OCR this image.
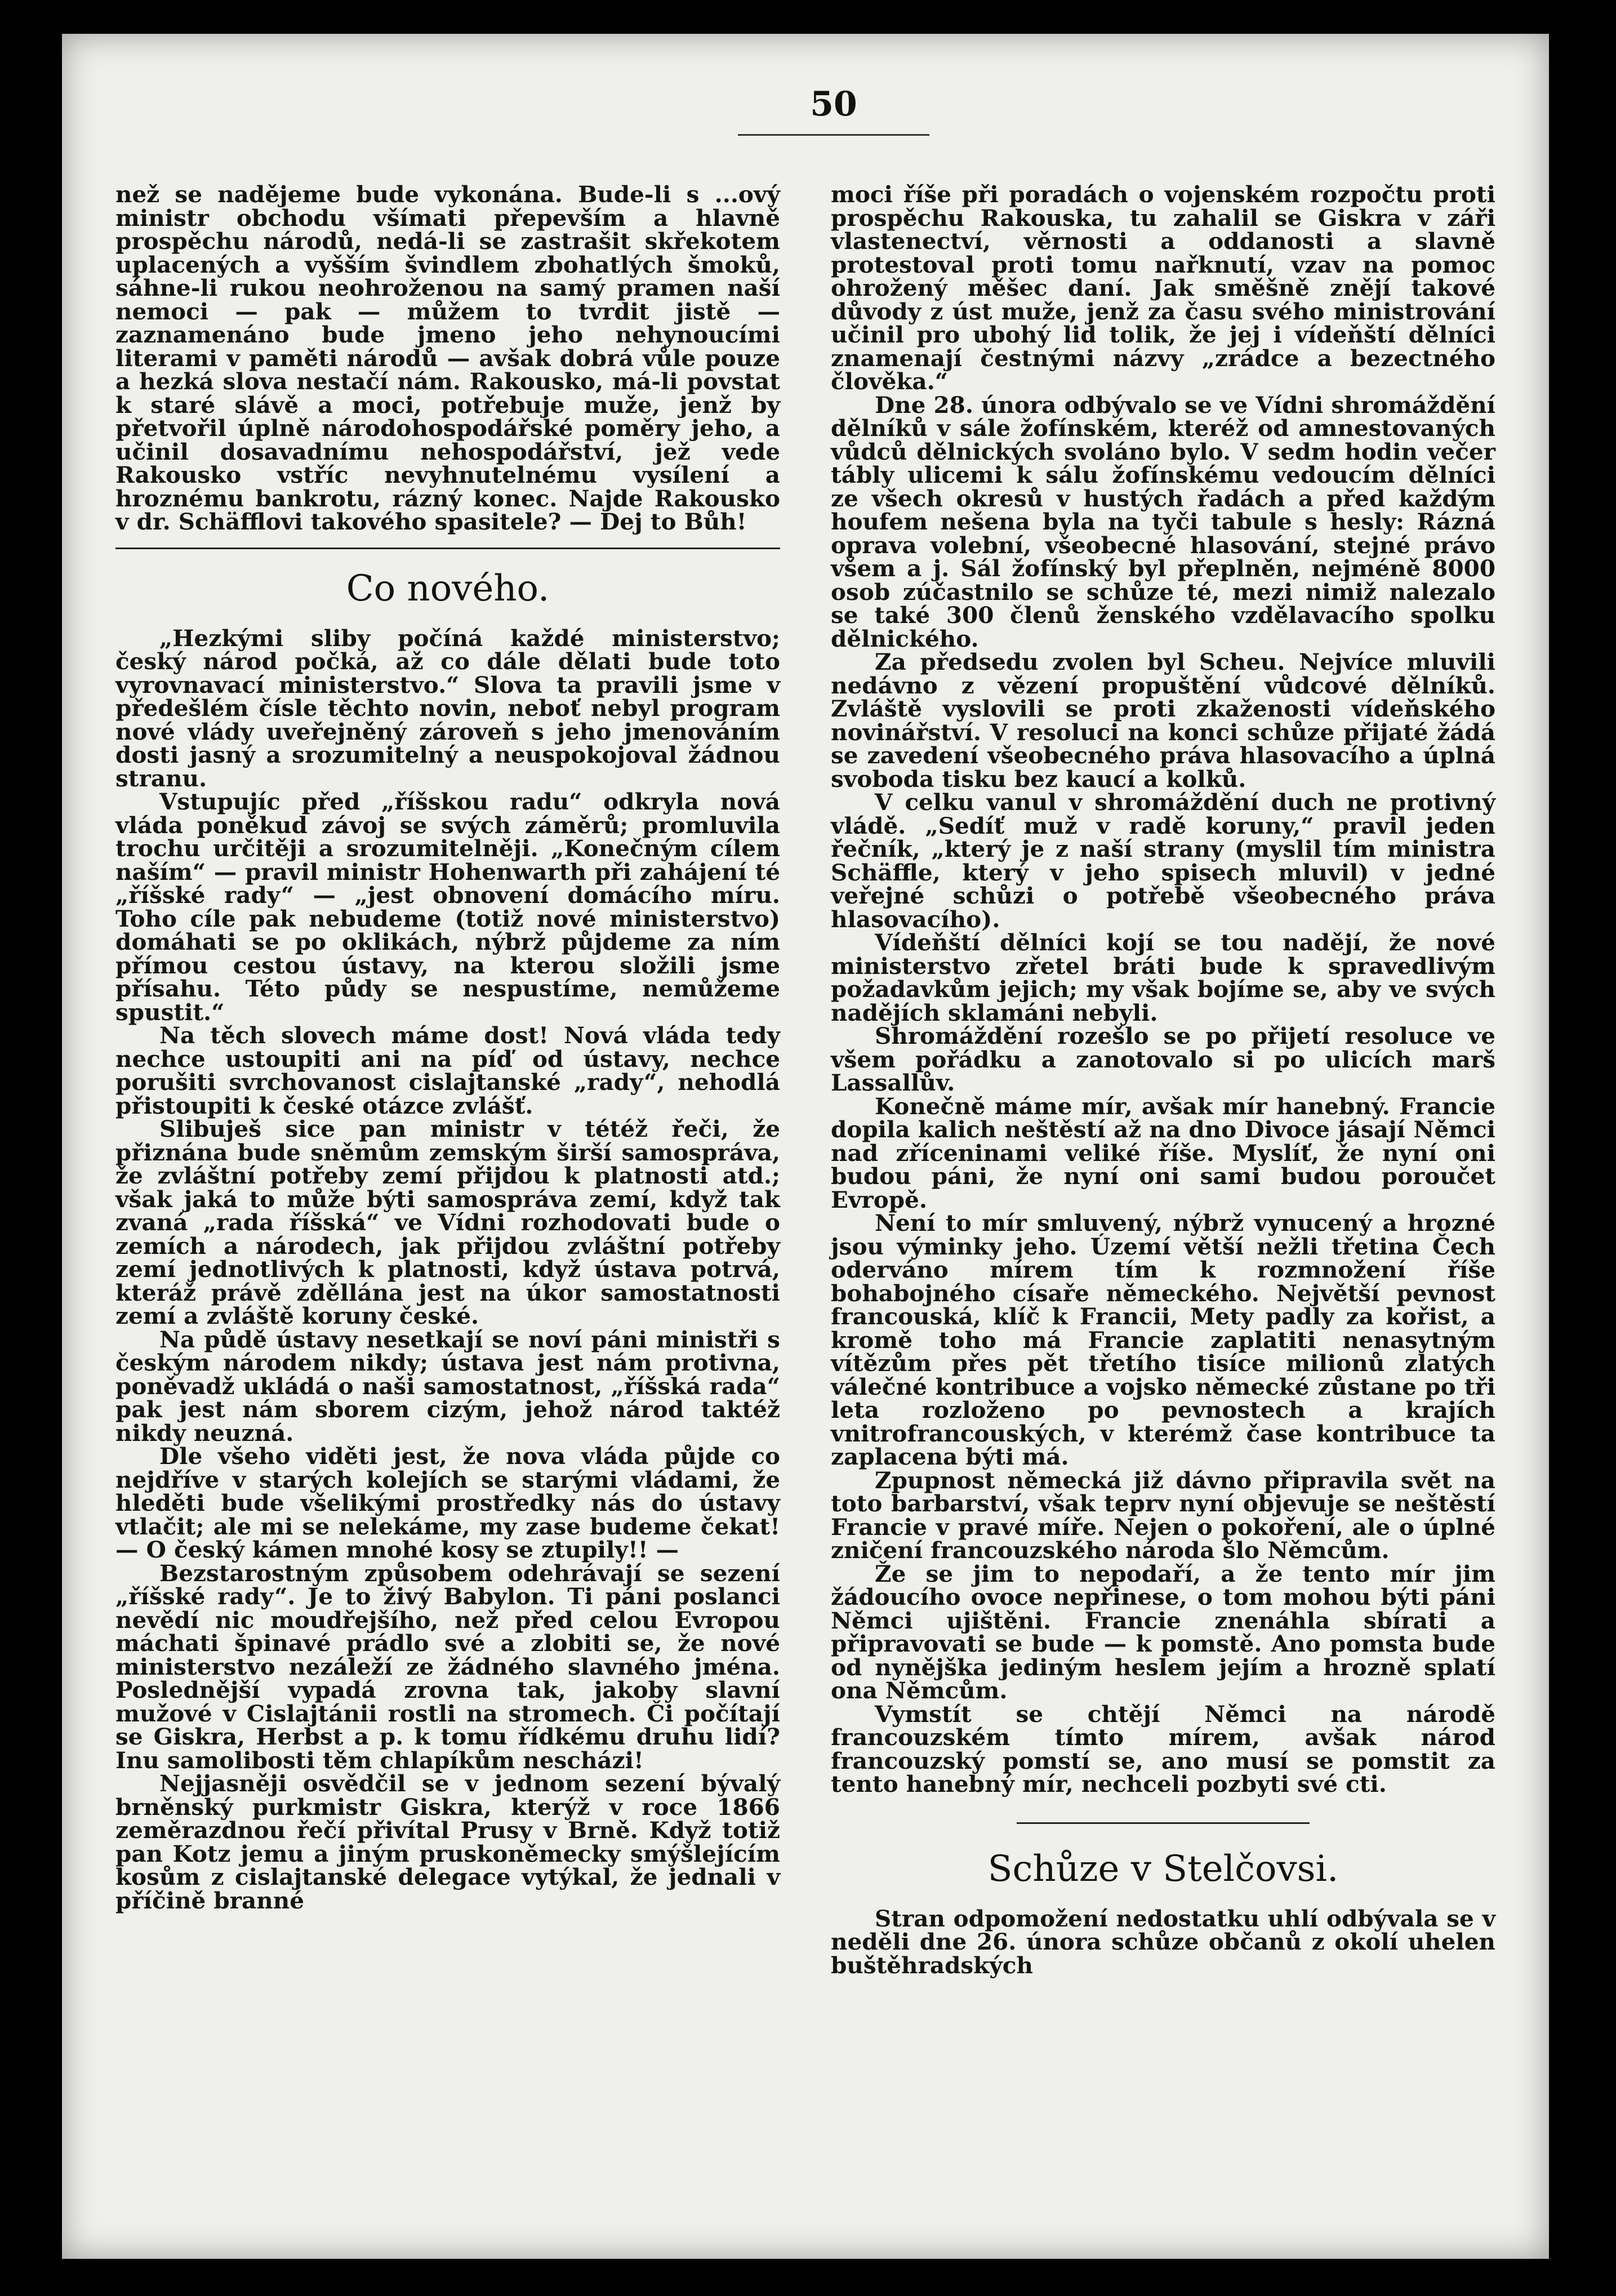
50

než se nadějeme bude vykonána. Bude-li s ...ový ministr obchodu všímati přepevším a hlavně prospěchu národů, nedá-li se zastrašit skřekotem uplacených a vyšším švindlem zbohatlých šmoků, sáhne-li rukou neohroženou na samý pramen naší nemoci — pak — můžem to tvrdit jistě — zaznamenáno bude jmeno jeho nehynoucími literami v paměti národů — avšak dobrá vůle pouze a hezká slova nestačí nám. Rakousko, má-li povstat k staré slávě a moci, potřebuje muže, jenž by přetvořil úplně národohospodářské poměry jeho, a učinil dosavadnímu nehospodářství, jež vede Rakousko vstříc nevyhnutelnému vysílení a hroznému bankrotu, rázný konec. Najde Rakousko v dr. Schäfflovi takového spasitele? — Dej to Bůh!

Co nového.

„Hezkými sliby počíná každé ministerstvo; český národ počká, až co dále dělati bude toto vyrovnavací ministerstvo.“ Slova ta pravili jsme v předešlém čísle těchto novin, neboť nebyl program nové vlády uveřejněný zároveň s jeho jmenováním dosti jasný a srozumitelný a neuspokojoval žádnou stranu.

Vstupujíc před „říšskou radu“ odkryla nová vláda poněkud závoj se svých záměrů; promluvila trochu určitěji a srozumitelněji. „Konečným cílem naším“ — pravil ministr Hohenwarth při zahájení té „říšské rady“ — „jest obnovení domácího míru. Toho cíle pak nebudeme (totiž nové ministerstvo) domáhati se po oklikách, nýbrž půjdeme za ním přímou cestou ústavy, na kterou složili jsme přísahu. Této půdy se nespustíme, nemůžeme spustit.“

Na těch slovech máme dost! Nová vláda tedy nechce ustoupiti ani na píď od ústavy, nechce porušiti svrchovanost cislajtanské „rady“, nehodlá přistoupiti k české otázce zvlášť.

Slibuješ sice pan ministr v tétéž řeči, že přiznána bude sněmům zemským širší samospráva, že zvláštní potřeby zemí přijdou k platnosti atd.; však jaká to může býti samospráva zemí, když tak zvaná „rada říšská“ ve Vídni rozhodovati bude o zemích a národech, jak přijdou zvláštní potřeby zemí jednotlivých k platnosti, když ústava potrvá, kteráž právě zděllána jest na úkor samostatnosti zemí a zvláště koruny české.

Na půdě ústavy nesetkají se noví páni ministři s českým národem nikdy; ústava jest nám protivna, poněvadž ukládá o naši samostatnost, „říšská rada“ pak jest nám sborem cizým, jehož národ taktéž nikdy neuzná.

Dle všeho viděti jest, že nova vláda půjde co nejdříve v starých kolejích se starými vládami, že hleděti bude všelikými prostředky nás do ústavy vtlačit; ale mi se nelekáme, my zase budeme čekat! — O český kámen mnohé kosy se ztupily!! —

Bezstarostným způsobem odehrávají se sezení „říšské rady“. Je to živý Babylon. Ti páni poslanci nevědí nic moudřejšího, než před celou Evropou máchati špinavé prádlo své a zlobiti se, že nové ministerstvo nezáleží ze žádného slavného jména. Poslednější vypadá zrovna tak, jakoby slavní mužové v Cislajtánii rostli na stromech. Či počítají se Giskra, Herbst a p. k tomu řídkému druhu lidí? Inu samolibosti těm chlapíkům nescházi!

Nejjasněji osvědčil se v jednom sezení bývalý brněnský purkmistr Giskra, kterýž v roce 1866 zeměrazdnou řečí přivítal Prusy v Brně. Když totiž pan Kotz jemu a jiným pruskoněmecky smýšlejícím kosům z cislajtanské delegace vytýkal, že jednali v příčině branné

moci říše při poradách o vojenském rozpočtu proti prospěchu Rakouska, tu zahalil se Giskra v záři vlastenectví, věrnosti a oddanosti a slavně protestoval proti tomu nařknutí, vzav na pomoc ohrožený měšec daní. Jak směšně znějí takové důvody z úst muže, jenž za času svého ministrování učinil pro ubohý lid tolik, že jej i vídeňští dělníci znamenají čestnými názvy „zrádce a bezectného člověka.“

Dne 28. února odbývalo se ve Vídni shromáždění dělníků v sále žofínském, kteréž od amnestovaných vůdců dělnických svoláno bylo. V sedm hodin večer tábly ulicemi k sálu žofínskému vedoucím dělníci ze všech okresů v hustých řadách a před každým houfem nešena byla na tyči tabule s hesly: Rázná oprava volební, všeobecné hlasování, stejné právo všem a j. Sál žofínský byl přeplněn, nejméně 8000 osob zúčastnilo se schůze té, mezi nimiž nalezalo se také 300 členů ženského vzdělavacího spolku dělnického.

Za předsedu zvolen byl Scheu. Nejvíce mluvili nedávno z vězení propuštění vůdcové dělníků. Zvláště vyslovili se proti zkaženosti vídeňského novinářství. V resoluci na konci schůze přijaté žádá se zavedení všeobecného práva hlasovacího a úplná svoboda tisku bez kaucí a kolků.

V celku vanul v shromáždění duch ne protivný vládě. „Sedíť muž v radě koruny,“ pravil jeden řečník, „který je z naší strany (myslil tím ministra Schäffle, který v jeho spisech mluvil) v jedné veřejné schůzi o potřebě všeobecného práva hlasovacího).

Vídeňští dělníci kojí se tou nadějí, že nové ministerstvo zřetel bráti bude k spravedlivým požadavkům jejich; my však bojíme se, aby ve svých nadějích sklamáni nebyli.

Shromáždění rozešlo se po přijetí resoluce ve všem pořádku a zanotovalo si po ulicích marš Lassallův.

Konečně máme mír, avšak mír hanebný. Francie dopila kalich neštěstí až na dno Divoce jásají Němci nad zříceninami veliké říše. Myslíť, že nyní oni budou páni, že nyní oni sami budou poroučet Evropě.

Není to mír smluvený, nýbrž vynucený a hrozné jsou výminky jeho. Území větší nežli třetina Čech oderváno mírem tím k rozmnožení říše bohabojného císaře německého. Největší pevnost francouská, klíč k Francii, Mety padly za kořist, a kromě toho má Francie zaplatiti nenasytným vítězům přes pět třetího tisíce milionů zlatých válečné kontribuce a vojsko německé zůstane po tři leta rozloženo po pevnostech a krajích vnitrofrancouských, v kterémž čase kontribuce ta zaplacena býti má.

Zpupnost německá již dávno připravila svět na toto barbarství, však teprv nyní objevuje se neštěstí Francie v pravé míře. Nejen o pokoření, ale o úplné zničení francouzského národa šlo Němcům.

Že se jim to nepodaří, a že tento mír jim žádoucího ovoce nepřinese, o tom mohou býti páni Němci ujištěni. Francie znenáhla sbírati a připravovati se bude — k pomstě. Ano pomsta bude od nynějška jediným heslem jejím a hrozně splatí ona Němcům.

Vymstít se chtějí Němci na národě francouzském tímto mírem, avšak národ francouzský pomstí se, ano musí se pomstit za tento hanebný mír, nechceli pozbyti své cti.

Schůze v Stelčovsi.

Stran odpomožení nedostatku uhlí odbývala se v neděli dne 26. února schůze občanů z okolí uhelen buštěhradských
